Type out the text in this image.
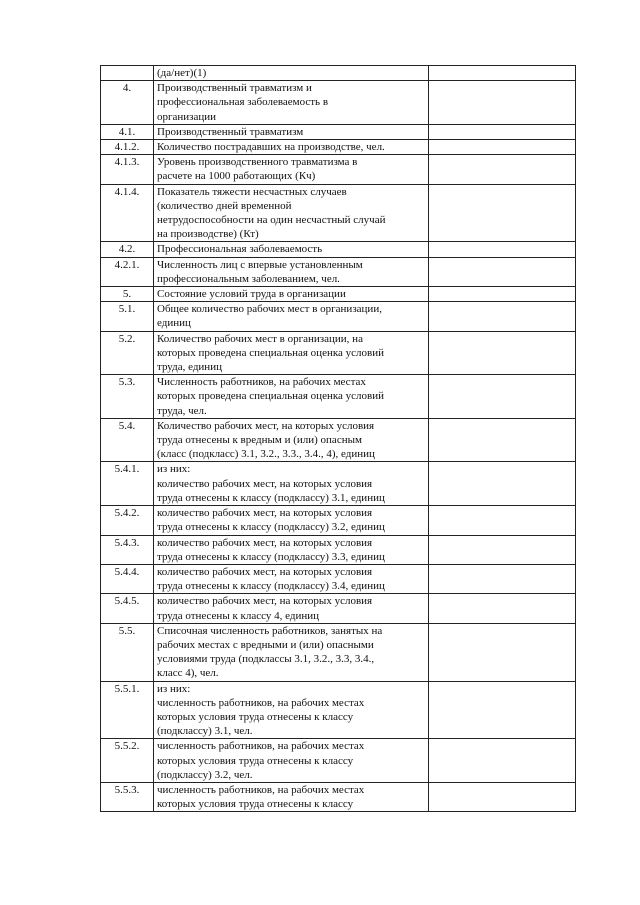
	(да/нет)(1)	

4.	Производственный травматизм и
профессиональная заболеваемость в
организации	

4.1.	Производственный травматизм	

4.1.2.	Количество пострадавших на производстве, чел.	

4.1.3.	Уровень производственного травматизма в
расчете на 1000 работающих (Кч)	

4.1.4.	Показатель тяжести несчастных случаев
(количество дней временной
нетрудоспособности на один несчастный случай
на производстве) (Кт)	

4.2.	Профессиональная заболеваемость	

4.2.1.	Численность лиц с впервые установленным
профессиональным заболеванием, чел.	

5.	Состояние условий труда в организации	

5.1.	Общее количество рабочих мест в организации,
единиц	

5.2.	Количество рабочих мест в организации, на
которых проведена специальная оценка условий
труда, единиц	

5.3.	Численность работников, на рабочих местах
которых проведена специальная оценка условий
труда, чел.	

5.4.	Количество рабочих мест, на которых условия
труда отнесены к вредным и (или) опасным
(класс (подкласс) 3.1, 3.2., 3.3., 3.4., 4), единиц	

5.4.1.	из них:
количество рабочих мест, на которых условия
труда отнесены к классу (подклассу) 3.1, единиц	

5.4.2.	количество рабочих мест, на которых условия
труда отнесены к классу (подклассу) 3.2, единиц	

5.4.3.	количество рабочих мест, на которых условия
труда отнесены к классу (подклассу) 3.3, единиц	

5.4.4.	количество рабочих мест, на которых условия
труда отнесены к классу (подклассу) 3.4, единиц	

5.4.5.	количество рабочих мест, на которых условия
труда отнесены к классу 4, единиц	

5.5.	Списочная численность работников, занятых на
рабочих местах с вредными и (или) опасными
условиями труда (подклассы 3.1, 3.2., 3.3, 3.4.,
класс 4), чел.	

5.5.1.	из них:
численность работников, на рабочих местах
которых условия труда отнесены к классу
(подклассу) 3.1, чел.	

5.5.2.	численность работников, на рабочих местах
которых условия труда отнесены к классу
(подклассу) 3.2, чел.	

5.5.3.	численность работников, на рабочих местах
которых условия труда отнесены к классу	
